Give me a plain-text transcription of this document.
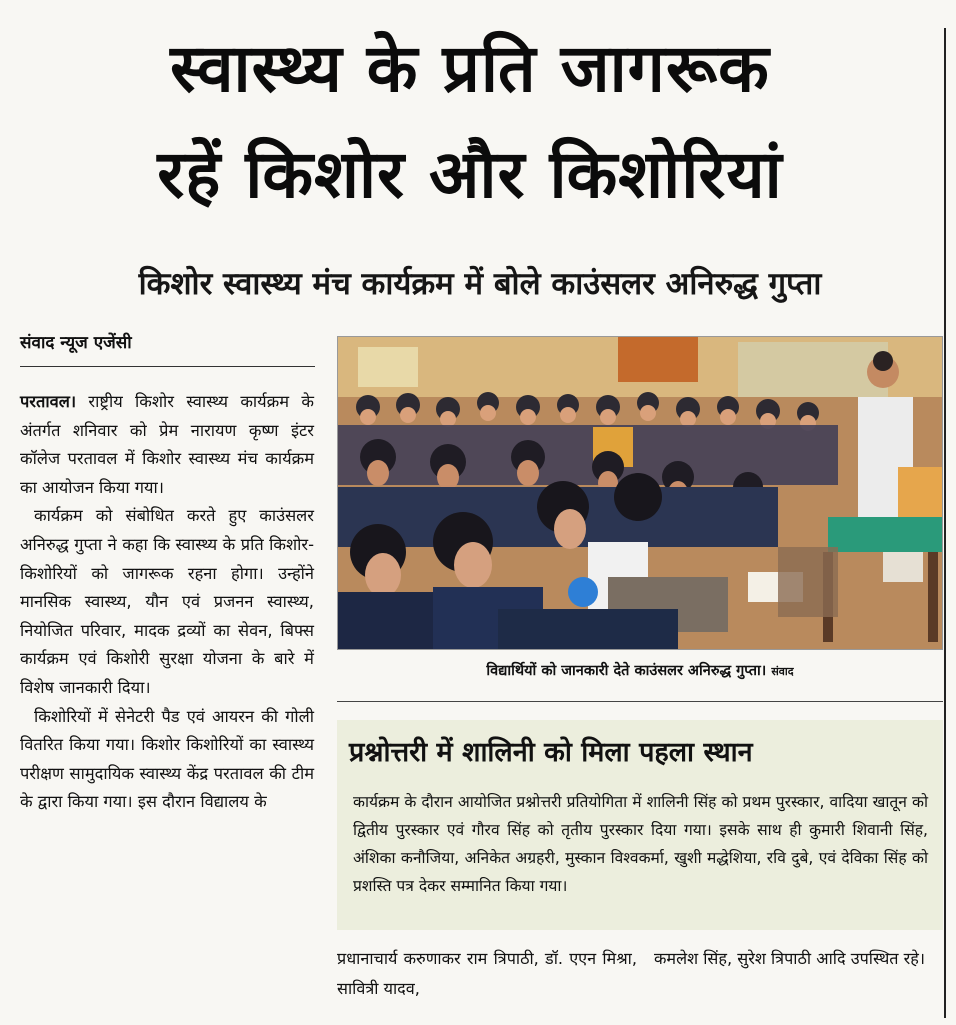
स्वास्थ्य के प्रति जागरूक
रहें किशोर और किशोरियां
किशोर स्वास्थ्य मंच कार्यक्रम में बोले काउंसलर अनिरुद्ध गुप्ता
संवाद न्यूज एजेंसी

परतावल। राष्ट्रीय किशोर स्वास्थ्य कार्यक्रम के अंतर्गत शनिवार को प्रेम नारायण कृष्ण इंटर कॉलेज परतावल में किशोर स्वास्थ्य मंच कार्यक्रम का आयोजन किया गया।

कार्यक्रम को संबोधित करते हुए काउंसलर अनिरुद्ध गुप्ता ने कहा कि स्वास्थ्य के प्रति किशोर-किशोरियों को जागरूक रहना होगा। उन्होंने मानसिक स्वास्थ्य, यौन एवं प्रजनन स्वास्थ्य, नियोजित परिवार, मादक द्रव्यों का सेवन, बिफ्स कार्यक्रम एवं किशोरी सुरक्षा योजना के बारे में विशेष जानकारी दिया।

किशोरियों में सेनेटरी पैड एवं आयरन की गोली वितरित किया गया। किशोर किशोरियों का स्वास्थ्य परीक्षण सामुदायिक स्वास्थ्य केंद्र परतावल की टीम के द्वारा किया गया। इस दौरान विद्यालय के

विद्यार्थियों को जानकारी देते काउंसलर अनिरुद्ध गुप्ता। संवाद
प्रश्नोत्तरी में शालिनी को मिला पहला स्थान
कार्यक्रम के दौरान आयोजित प्रश्नोत्तरी प्रतियोगिता में शालिनी सिंह को प्रथम पुरस्कार, वादिया खातून को द्वितीय पुरस्कार एवं गौरव सिंह को तृतीय पुरस्कार दिया गया। इसके साथ ही कुमारी शिवानी सिंह, अंशिका कनौजिया, अनिकेत अग्रहरी, मुस्कान विश्वकर्मा, खुशी मद्धेशिया, रवि दुबे, एवं देविका सिंह को प्रशस्ति पत्र देकर सम्मानित किया गया।
प्रधानाचार्य करुणाकर राम त्रिपाठी, डॉ. एएन मिश्रा, सावित्री यादव,
कमलेश सिंह, सुरेश त्रिपाठी आदि उपस्थित रहे।
